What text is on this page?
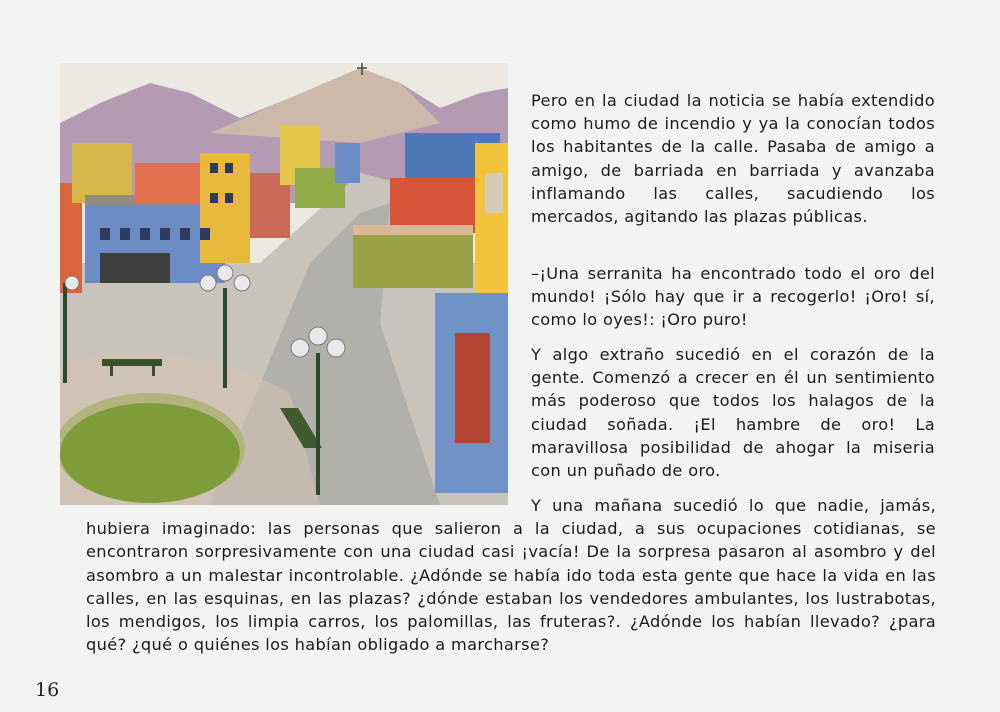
Pero en la ciudad la noticia se había extendido como humo de incendio y ya la conocían todos los habitantes de la calle. Pasaba de amigo a amigo, de barriada en barriada y avanzaba inflamando las calles, sacudiendo los mercados, agitando las plazas públicas.

–¡Una serranita ha encontrado todo el oro del mundo! ¡Sólo hay que ir a recogerlo! ¡Oro! sí, como lo oyes!: ¡Oro puro!

Y algo extraño sucedió en el corazón de la gente. Comenzó a crecer en él un sentimiento más poderoso que todos los halagos de la ciudad soñada. ¡El hambre de oro! La maravillosa posibilidad de ahogar la miseria con un puñado de oro.

Y una mañana sucedió lo que nadie, jamás, hubiera imaginado: las personas que salieron a la ciudad, a sus ocupaciones cotidianas, se encontraron sorpresivamente con una ciudad casi ¡vacía! De la sorpresa pasaron al asombro y del asombro a un malestar incontrolable. ¿Adónde se había ido toda esta gente que hace la vida en las calles, en las esquinas, en las plazas? ¿dónde estaban los vendedores ambulantes, los lustrabotas, los mendigos, los limpia carros, los palomillas, las fruteras?. ¿Adónde los habían llevado? ¿para qué? ¿qué o quiénes los habían obligado a marcharse?

16
